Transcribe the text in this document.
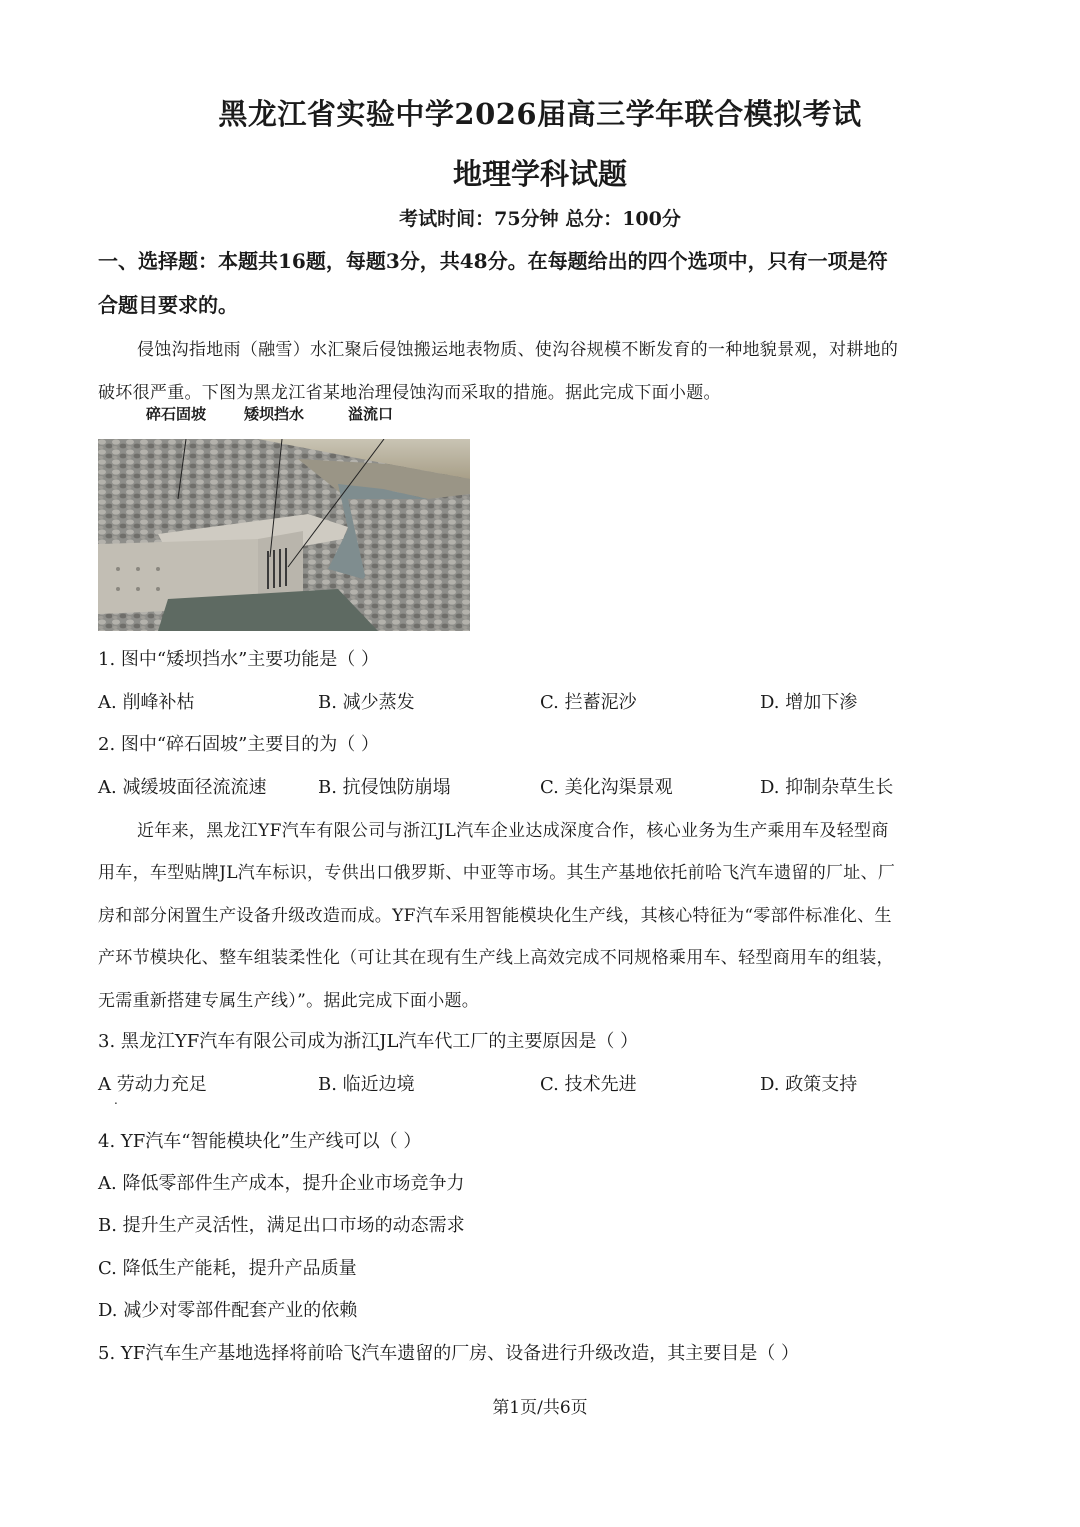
黑龙江省实验中学2026届高三学年联合模拟考试
地理学科试题
考试时间：75分钟 总分：100分
一、选择题：本题共16题，每题3分，共48分。在每题给出的四个选项中，只有一项是符
合题目要求的。
侵蚀沟指地雨（融雪）水汇聚后侵蚀搬运地表物质、使沟谷规模不断发育的一种地貌景观，对耕地的
破坏很严重。下图为黑龙江省某地治理侵蚀沟而采取的措施。据此完成下面小题。
碎石固坡	矮坝挡水	溢流口
1. 图中“矮坝挡水”主要功能是（ ）
A. 削峰补枯	B. 减少蒸发	C. 拦蓄泥沙	D. 增加下渗
2. 图中“碎石固坡”主要目的为（ ）
A. 减缓坡面径流流速	B. 抗侵蚀防崩塌	C. 美化沟渠景观	D. 抑制杂草生长
近年来，黑龙江YF汽车有限公司与浙江JL汽车企业达成深度合作，核心业务为生产乘用车及轻型商
用车，车型贴牌JL汽车标识，专供出口俄罗斯、中亚等市场。其生产基地依托前哈飞汽车遗留的厂址、厂
房和部分闲置生产设备升级改造而成。YF汽车采用智能模块化生产线，其核心特征为“零部件标准化、生
产环节模块化、整车组装柔性化（可让其在现有生产线上高效完成不同规格乘用车、轻型商用车的组装，
无需重新搭建专属生产线）”。据此完成下面小题。
3. 黑龙江YF汽车有限公司成为浙江JL汽车代工厂的主要原因是（ ）
A 劳动力充足	B. 临近边境	C. 技术先进	D. 政策支持
.
4. YF汽车“智能模块化”生产线可以（ ）
A. 降低零部件生产成本，提升企业市场竞争力
B. 提升生产灵活性，满足出口市场的动态需求
C. 降低生产能耗，提升产品质量
D. 减少对零部件配套产业的依赖
5. YF汽车生产基地选择将前哈飞汽车遗留的厂房、设备进行升级改造，其主要目是（ ）
第1页/共6页
